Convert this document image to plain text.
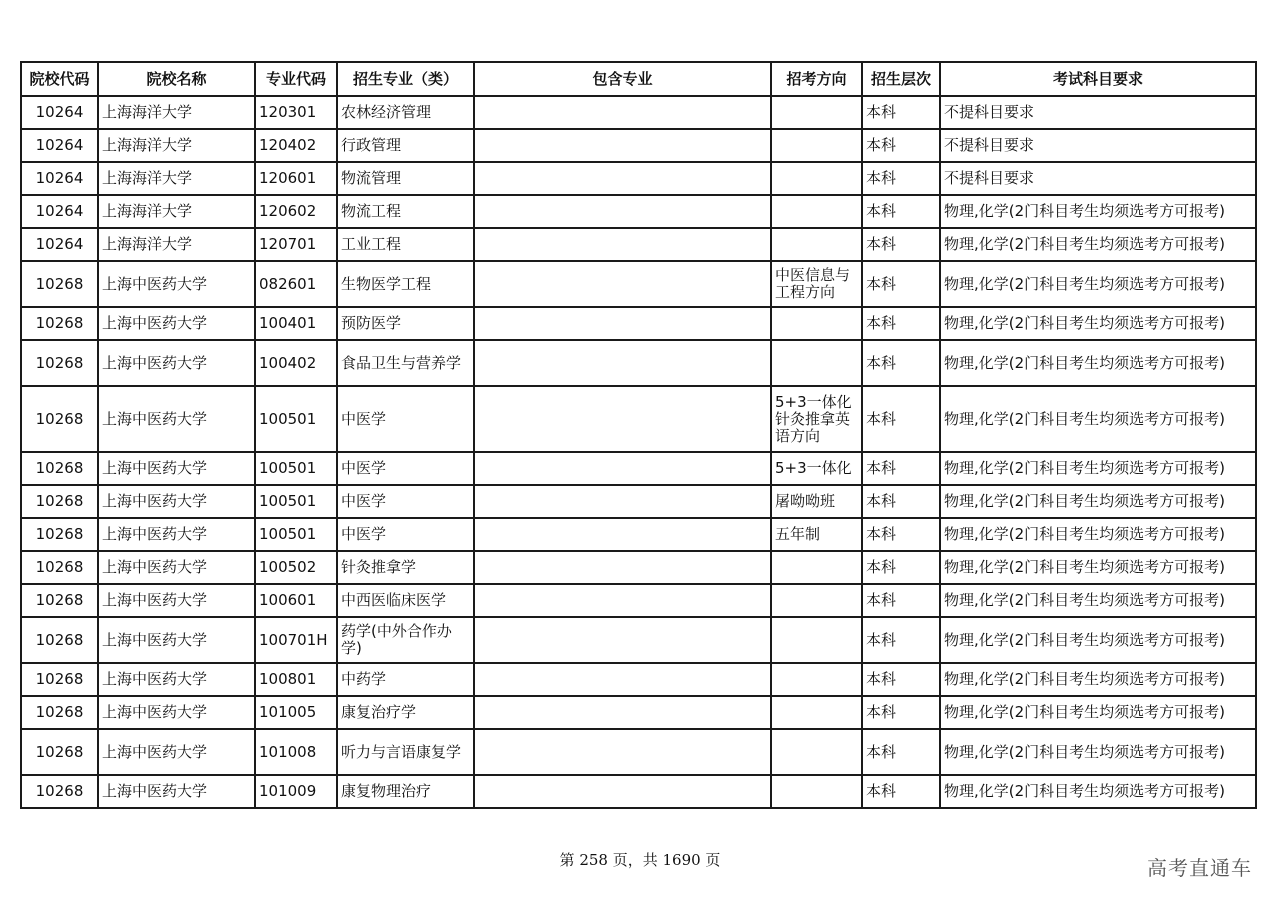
院校代码	院校名称	专业代码	招生专业（类）	包含专业	招考方向	招生层次	考试科目要求
10264	上海海洋大学	120301	农林经济管理			本科	不提科目要求
10264	上海海洋大学	120402	行政管理			本科	不提科目要求
10264	上海海洋大学	120601	物流管理			本科	不提科目要求
10264	上海海洋大学	120602	物流工程			本科	物理,化学(2门科目考生均须选考方可报考)
10264	上海海洋大学	120701	工业工程			本科	物理,化学(2门科目考生均须选考方可报考)
10268	上海中医药大学	082601	生物医学工程		中医信息与工程方向	本科	物理,化学(2门科目考生均须选考方可报考)
10268	上海中医药大学	100401	预防医学			本科	物理,化学(2门科目考生均须选考方可报考)
10268	上海中医药大学	100402	食品卫生与营养学			本科	物理,化学(2门科目考生均须选考方可报考)
10268	上海中医药大学	100501	中医学		5+3一体化针灸推拿英语方向	本科	物理,化学(2门科目考生均须选考方可报考)
10268	上海中医药大学	100501	中医学		5+3一体化	本科	物理,化学(2门科目考生均须选考方可报考)
10268	上海中医药大学	100501	中医学		屠呦呦班	本科	物理,化学(2门科目考生均须选考方可报考)
10268	上海中医药大学	100501	中医学		五年制	本科	物理,化学(2门科目考生均须选考方可报考)
10268	上海中医药大学	100502	针灸推拿学			本科	物理,化学(2门科目考生均须选考方可报考)
10268	上海中医药大学	100601	中西医临床医学			本科	物理,化学(2门科目考生均须选考方可报考)
10268	上海中医药大学	100701H	药学(中外合作办学)			本科	物理,化学(2门科目考生均须选考方可报考)
10268	上海中医药大学	100801	中药学			本科	物理,化学(2门科目考生均须选考方可报考)
10268	上海中医药大学	101005	康复治疗学			本科	物理,化学(2门科目考生均须选考方可报考)
10268	上海中医药大学	101008	听力与言语康复学			本科	物理,化学(2门科目考生均须选考方可报考)
10268	上海中医药大学	101009	康复物理治疗			本科	物理,化学(2门科目考生均须选考方可报考)
第 258 页，共 1690 页	高考直通车
